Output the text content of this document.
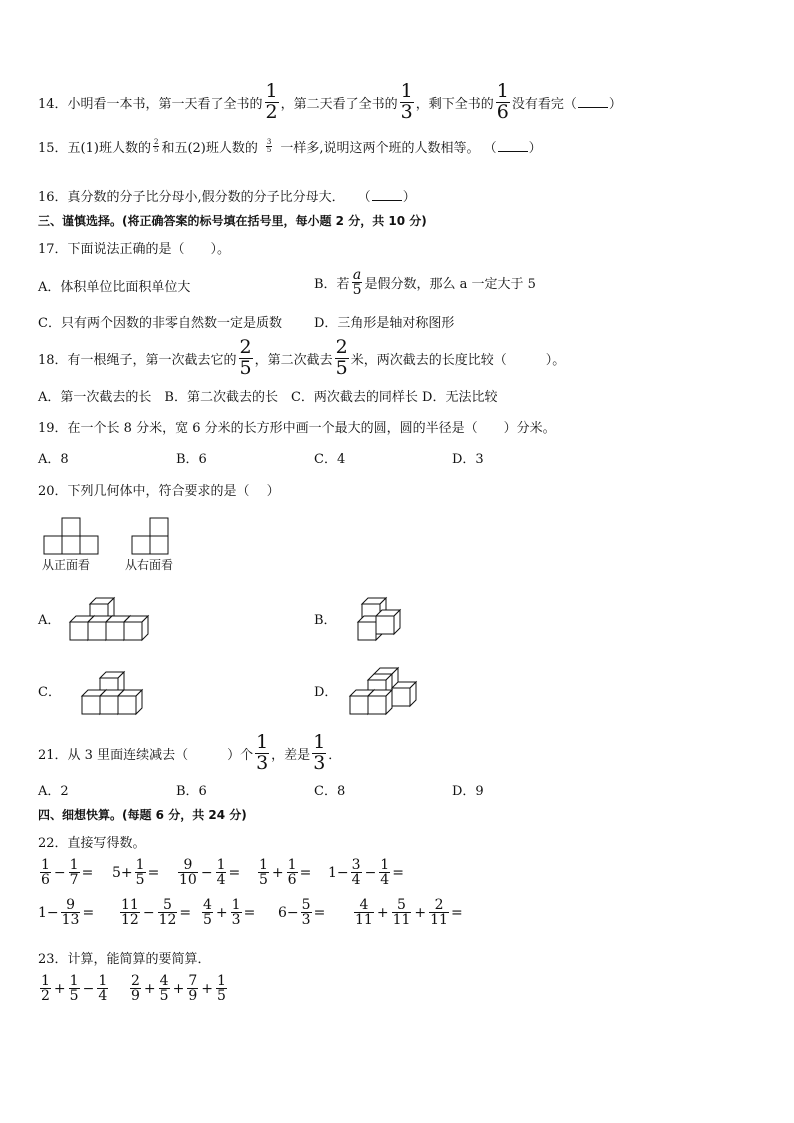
14．小明看一本书，第一天看了全书的 $\frac{1}{2}$ ，第二天看了全书的 $\frac{1}{3}$ ，剩下全书的 $\frac{1}{6}$ 没有看完（ ）
15．五(1)班人数的 $\frac{2}{5}$ 和五(2)班人数的 $\frac{3}{5}$ 一样多,说明这两个班的人数相等。 （ ）
16．真分数的分子比分母小,假分数的分子比分母大．　　（ ）
三、谨慎选择。(将正确答案的标号填在括号里，每小题 2 分，共 10 分)
17．下面说法正确的是（　　）。
A．体积单位比面积单位大	B．若 $\frac{a}{5}$ 是假分数，那么 a 一定大于 5
C．只有两个因数的非零自然数一定是质数 D．三角形是轴对称图形
18．有一根绳子，第一次截去它的 $\frac{2}{5}$ ，第二次截去 $\frac{2}{5}$ 米，两次截去的长度比较（　　　）。
A．第一次截去的长　B．第二次截去的长　C．两次截去的同样长 D．无法比较
19．在一个长 8 分米，宽 6 分米的长方形中画一个最大的圆，圆的半径是（　　）分米。
A．8	B．6	C．4	D．3
20．下列几何体中，符合要求的是（　 ）
从正面看	从右面看
A．	B．
C．	D．
21．从 3 里面连续减去（　　　）个 $\frac{1}{3}$ ，差是 $\frac{1}{3}$ ．
A．2	B．6	C．8	D．9
四、细想快算。(每题 6 分，共 24 分)
22．直接写得数。
$\frac{1}{6} - \frac{1}{7} = 5+ \frac{1}{5} = \frac{9}{10} - \frac{1}{4} = \frac{1}{5} + \frac{1}{6} = 1- \frac{3}{4} - \frac{1}{4}$ =
$1- \frac{9}{13} = \frac{11}{12} - \frac{5}{12} = \frac{4}{5} + \frac{1}{3} = 6- \frac{5}{3} = \frac{4}{11} + \frac{5}{11} + \frac{2}{11}$ =
23．计算，能简算的要简算．
$\frac{1}{2} + \frac{1}{5} - \frac{1}{4} \frac{2}{9} + \frac{4}{5} + \frac{7}{9} + \frac{1}{5}$
